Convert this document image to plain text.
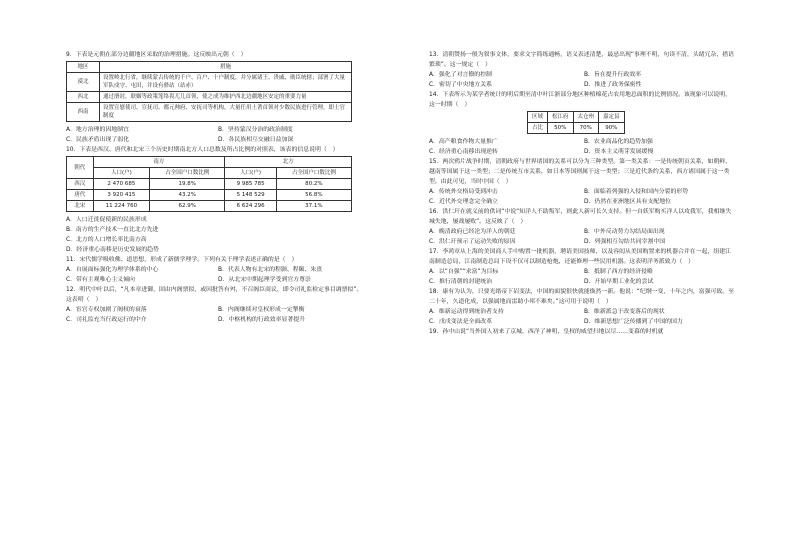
9．下表是元朝在部分边疆地区采取的治理措施。这反映出元朝（　）
地区	措施
漠北	设置岭北行省，继续蒙古传统的千户、百户、十户制度，并分属诸王、贵戚、勋臣统辖；部署了大量军队戍守、屯田，并设有驿站（站赤）
西北	通过册封，联姻等政策笼络畏兀儿首领，使之成为维护西北边疆地区安定的重要力量
西南	设置宣慰使司、宣抚司、都元帅府、安抚司等机构，大量任用土著首领对少数民族进行管理，即土官制度
A．地方治理的因地制宜	B．坚持蒙汉分治的政治制度
C．民族矛盾出现了弱化	D．各民族相互交融日益加深
10．下表是西汉、唐代和北宋三个历史时期南北方人口总数及所占比例的对照表，该表的信息说明（　）
朝代	南方		北方	
	人口(户)	占全国户口数比例	人口(户)	占全国户口数比例
西汉	2 470 685	19.8%	9 985 785	80.2%
唐代	3 920 415	43.2%	5 148 529	56.8%
北宋	11 224 760	62.9%	6 624 296	37.1%
A．人口迁徙促使新的民族形成
B．南方的生产技术一直比北方先进
C．北方的人口增长率比南方高
D．经济重心南移是历史发展的趋势
11．宋代儒学吸收佛、道思想，形成了新儒学理学。下列有关于理学表述正确的是（　）
A．自展面标强化为理学体系的中心	B．代表人物有北宋的程颢、程颐、朱熹
C．带有主观唯心主义倾向	D．从北宋中期起理学受到官方尊崇
12．明代中叶以后，“凡本章进御，固由内阁票拟，或因批答有舛，不召阁臣商议，即令司礼监检定事目调票拟”。这表明（　）
A．宦官专权加剧了阁权的衰落	B．内阁继续对皇权形成一定掣衡
C．司礼监充当行政运行的中介	D．中枢机构的行政效率显著提升
13．清朝赞扬一般为叙事文体，要求文字简练通畅，语义表述清楚，最忌出现“事理不明，句读不清，头绪冗杂，措语繁琐”。这一规定（　）
A．强化了对言僚的控制	B．旨在提升行政效率
C．密切了中央地方关系	D．推进了政务保密性
14．下表所示为某学者统计的明后期至清中叶江浙部分地区种植棉花占农用地总面积的比例情况。该现象可以说明，这一时期（　）
区域	松江府	太仓州	嘉定县
占比	50%	70%	90%
A．高产粮食作物大量推广	B．农业商品化的趋势加强
C．经济重心南移出现逆转	D．资本主义萌芽发展缓慢
15．两次鸦片战争时期，清朝政府与世界诸国的关系可以分为三种类型。第一类关系：一是传统朝贡关系，如朝鲜、越南等国属于这一类型；二是传统互市关系，如日本等国则属于这一类型；三是近代条约关系，西方诸国属于这一类型。由此可见，当时中国（　）
A．传统外交格局受到冲击	B．面临着列强的入侵和国内分裂的形势
C．近代外交理念完全确立	D．仍然在亚洲地区具有支配地位
16．洪仁玕在就义前的供词“中说“知洋人不助叛军，则此人新可长久支持。但一自妖军购买洋人以攻我军，我相继失城失地，屡战屡败”。这反映了（　）
A．晚清政府已经沦为洋人的朝廷	B．中外反动势力勾结局面出现
C．洪仁玕预示了运动失败的原因	D．列强相互勾结共同宰割中国
17．李鸿章从上海的美国商人手中购置一批机器，聘请美国技师，以及容闳从美国购置来的机器合并在一起，组建江南制造总局，江南制造总局下设不仅可以制造枪炮，还能修理一些民用机器。这表明洋务派致力（　）
A．以“自强”“求富”为目标	B．抵制了西方的经济侵略
C．推行清朝的封建统治	D．开始早期工业化的尝试
18．康有为认为，只要光绪帝下诏变法，中国的面貌很快就能焕然一新。他说：“纪纲一变，十年之内，富强可致。至二十年，久道化成，以强属地而雷助小邦不难矣。”这可用于说明（　）
A．维新运动得到统治者支持	B．维新派急于改变落后的现状
C．戊戌变法是全面改革	D．维新思想广泛传播到了中国的国力
19．孙中山说“当外国人初来了京城，西洋了神明，皇权的威望扫地以尽……变幕的时机就
